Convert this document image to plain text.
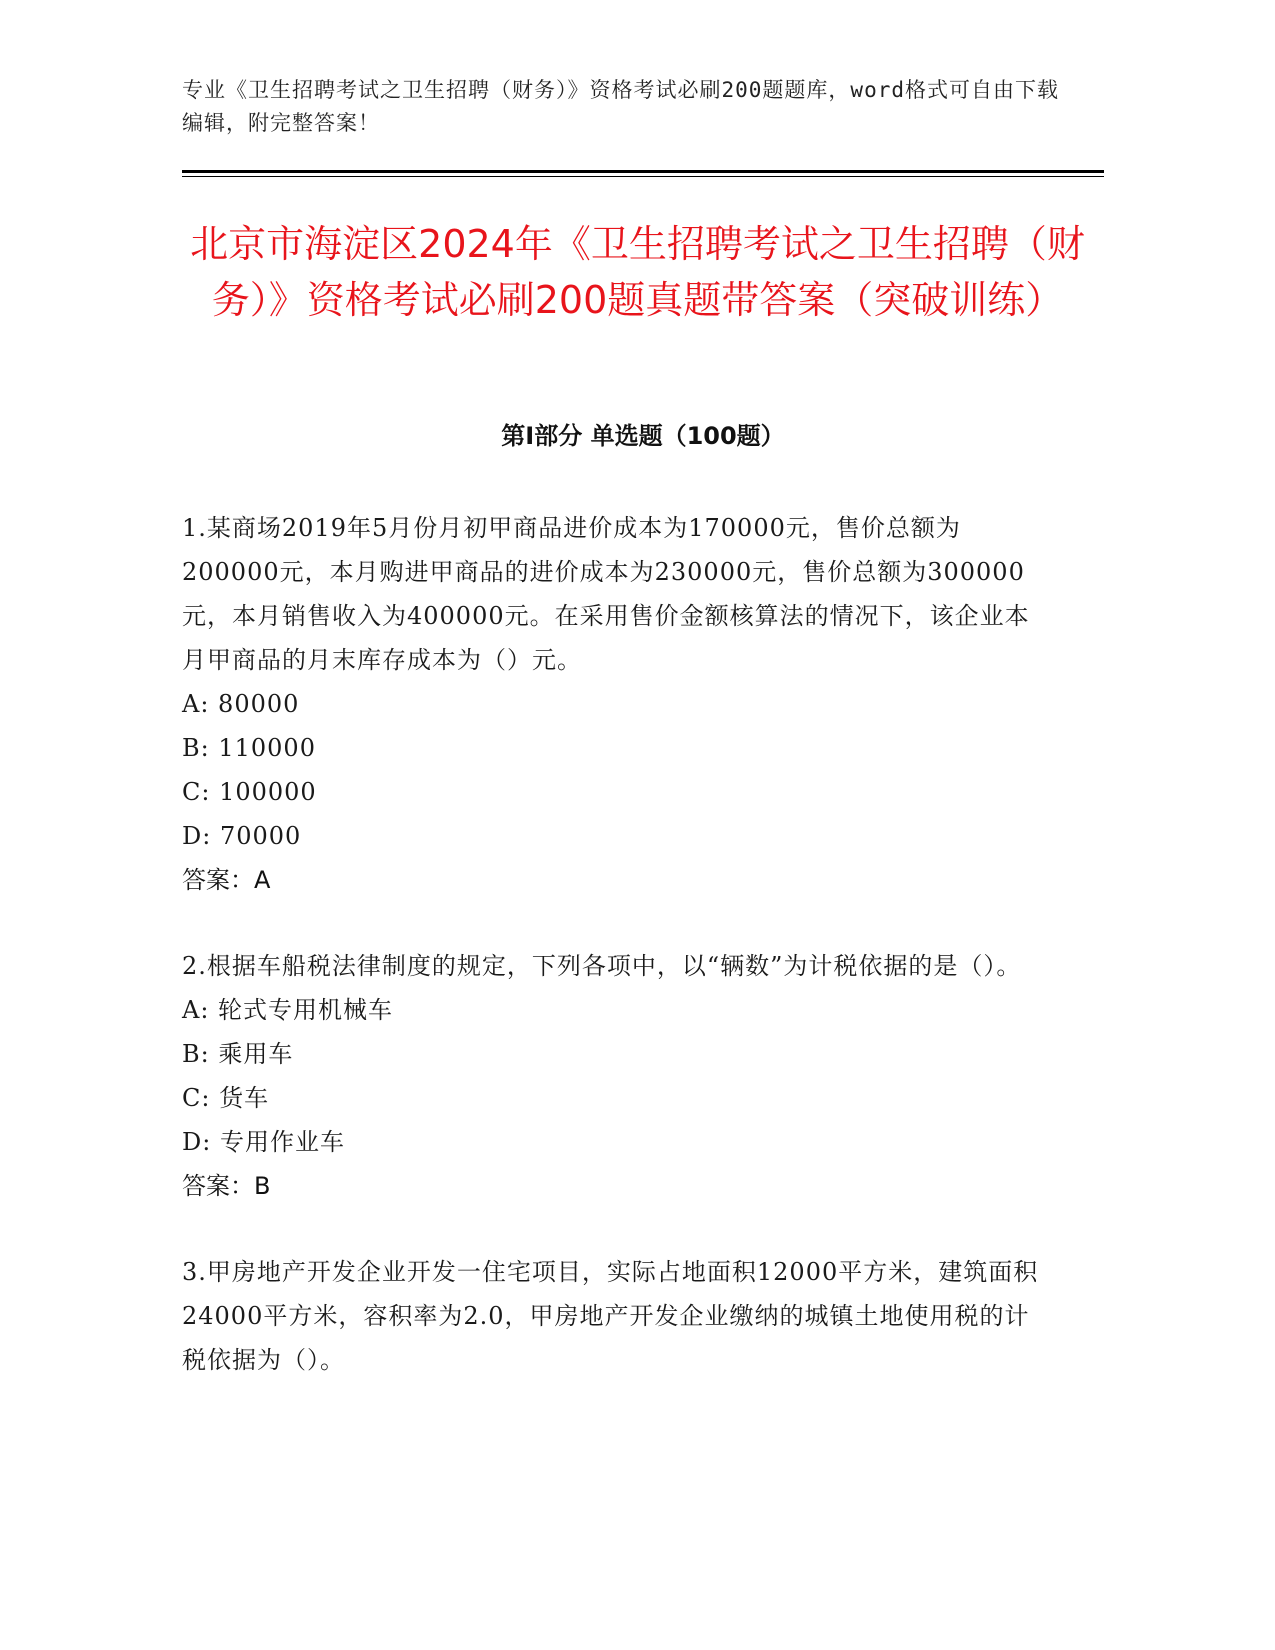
专业《卫生招聘考试之卫生招聘（财务）》资格考试必刷200题题库，word格式可自由下载编辑，附完整答案！
北京市海淀区2024年《卫生招聘考试之卫生招聘（财务）》资格考试必刷200题真题带答案（突破训练）
第I部分 单选题（100题）

1.某商场2019年5月份月初甲商品进价成本为170000元，售价总额为200000元，本月购进甲商品的进价成本为230000元，售价总额为300000元，本月销售收入为400000元。在采用售价金额核算法的情况下，该企业本月甲商品的月末库存成本为（）元。

A: 80000

B: 110000

C: 100000

D: 70000

答案：A

2.根据车船税法律制度的规定，下列各项中，以“辆数”为计税依据的是（）。

A: 轮式专用机械车

B: 乘用车

C: 货车

D: 专用作业车

答案：B

3.甲房地产开发企业开发一住宅项目，实际占地面积12000平方米，建筑面积24000平方米，容积率为2.0，甲房地产开发企业缴纳的城镇土地使用税的计税依据为（）。
